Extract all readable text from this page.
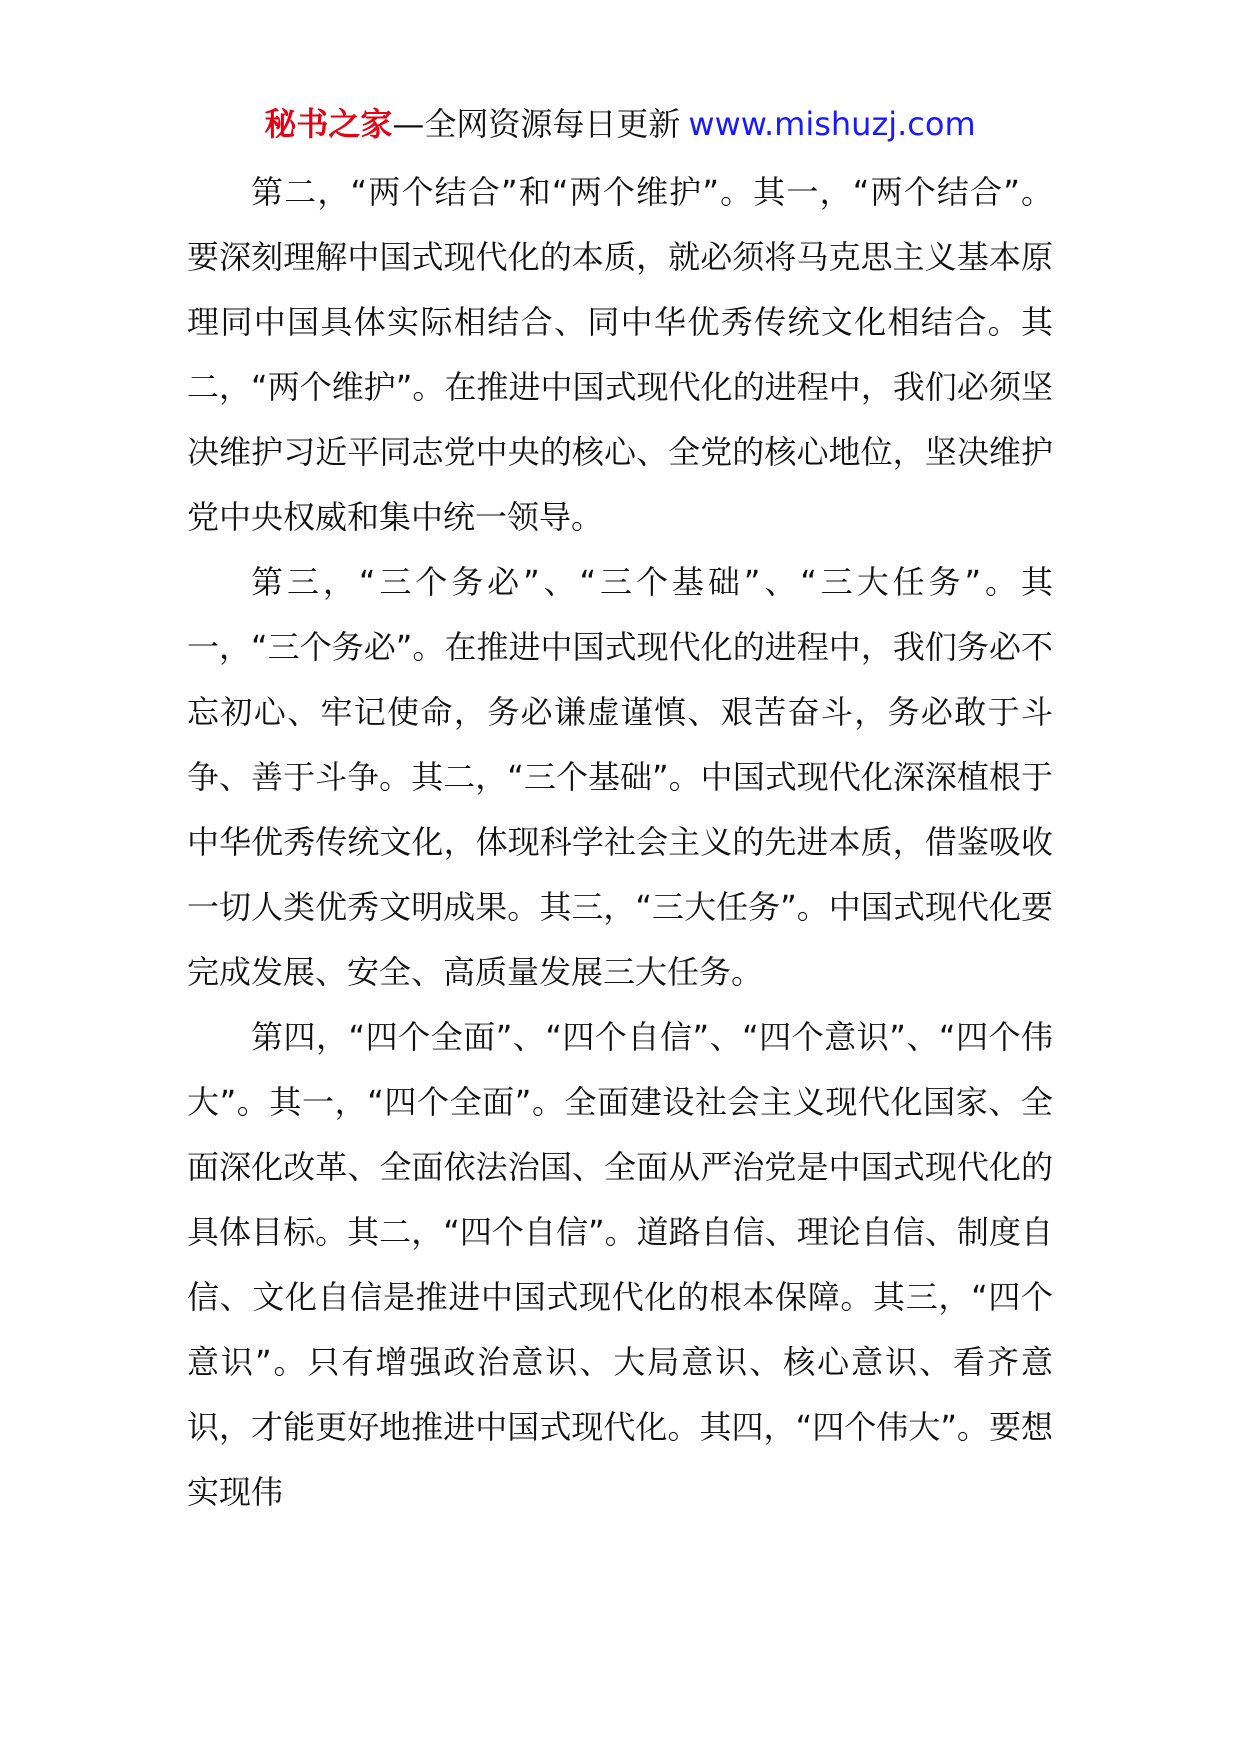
秘书之家—全网资源每日更新 www.mishuzj.com

第二，“两个结合”和“两个维护”。其一，“两个结合”。要深刻理解中国式现代化的本质，就必须将马克思主义基本原理同中国具体实际相结合、同中华优秀传统文化相结合。其二，“两个维护”。在推进中国式现代化的进程中，我们必须坚决维护习近平同志党中央的核心、全党的核心地位，坚决维护党中央权威和集中统一领导。

第三，“三个务必”、“三个基础”、“三大任务”。其一，“三个务必”。在推进中国式现代化的进程中，我们务必不忘初心、牢记使命，务必谦虚谨慎、艰苦奋斗，务必敢于斗争、善于斗争。其二，“三个基础”。中国式现代化深深植根于中华优秀传统文化，体现科学社会主义的先进本质，借鉴吸收一切人类优秀文明成果。其三，“三大任务”。中国式现代化要完成发展、安全、高质量发展三大任务。

第四，“四个全面”、“四个自信”、“四个意识”、“四个伟大”。其一，“四个全面”。全面建设社会主义现代化国家、全面深化改革、全面依法治国、全面从严治党是中国式现代化的具体目标。其二，“四个自信”。道路自信、理论自信、制度自信、文化自信是推进中国式现代化的根本保障。其三，“四个意识”。只有增强政治意识、大局意识、核心意识、看齐意识，才能更好地推进中国式现代化。其四，“四个伟大”。要想实现伟
